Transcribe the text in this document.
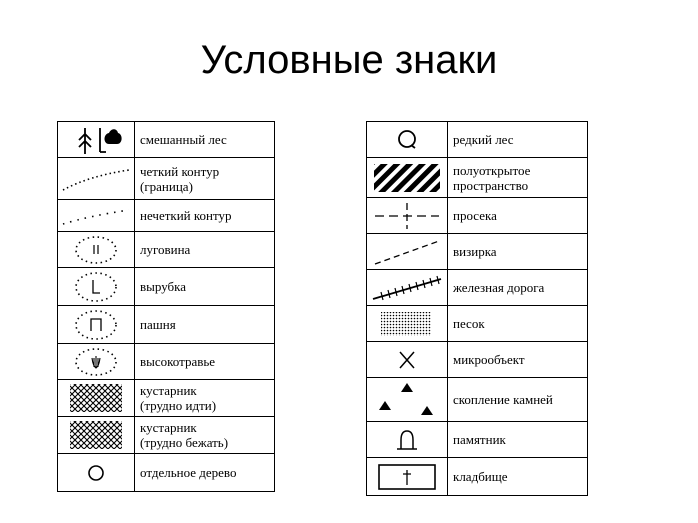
Условные знаки
	смешанный лес

	четкий контур
(граница)

	нечеткий контур

	луговина

	вырубка

	пашня

	высокотравье

	кустарник
(трудно идти)

	кустарник
(трудно бежать)

	отдельное дерево
	редкий лес

	полуоткрытое
пространство

	просека

	визирка

	железная дорога

	песок

	микрообъект

	скопление камней

	памятник

	кладбище
